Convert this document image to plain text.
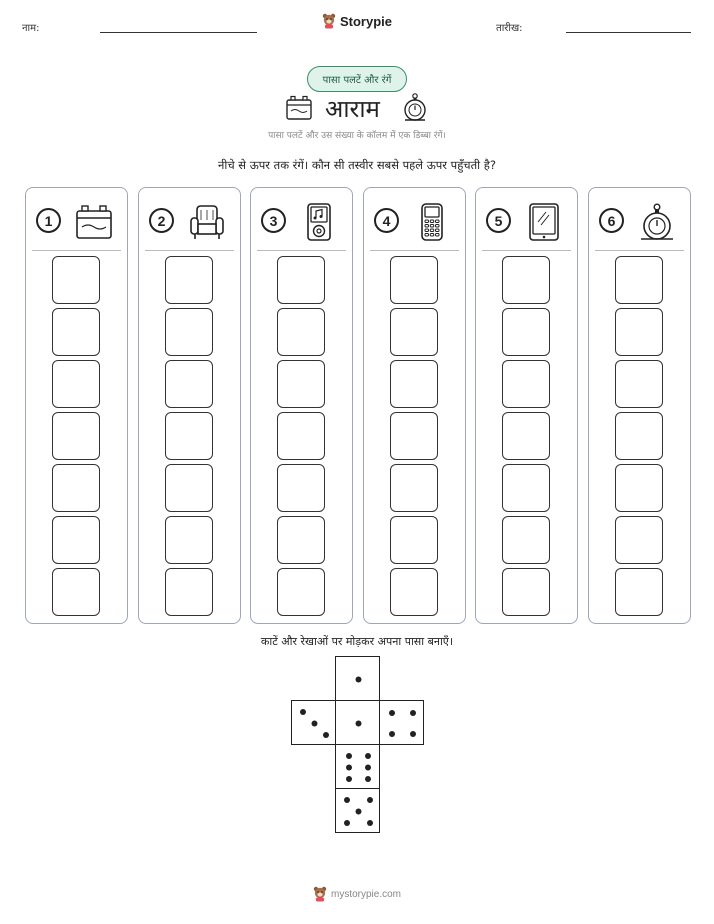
नाम:	तारीख:
Storypie
पासा पलटें और रंगें
आराम
पासा पलटें और उस संख्या के कॉलम में एक डिब्बा रंगें।
नीचे से ऊपर तक रंगें। कौन सी तस्वीर सबसे पहले ऊपर पहुँचती है?
1	2	3	4	5	6
काटें और रेखाओं पर मोड़कर अपना पासा बनाएँ।
mystorypie.com
